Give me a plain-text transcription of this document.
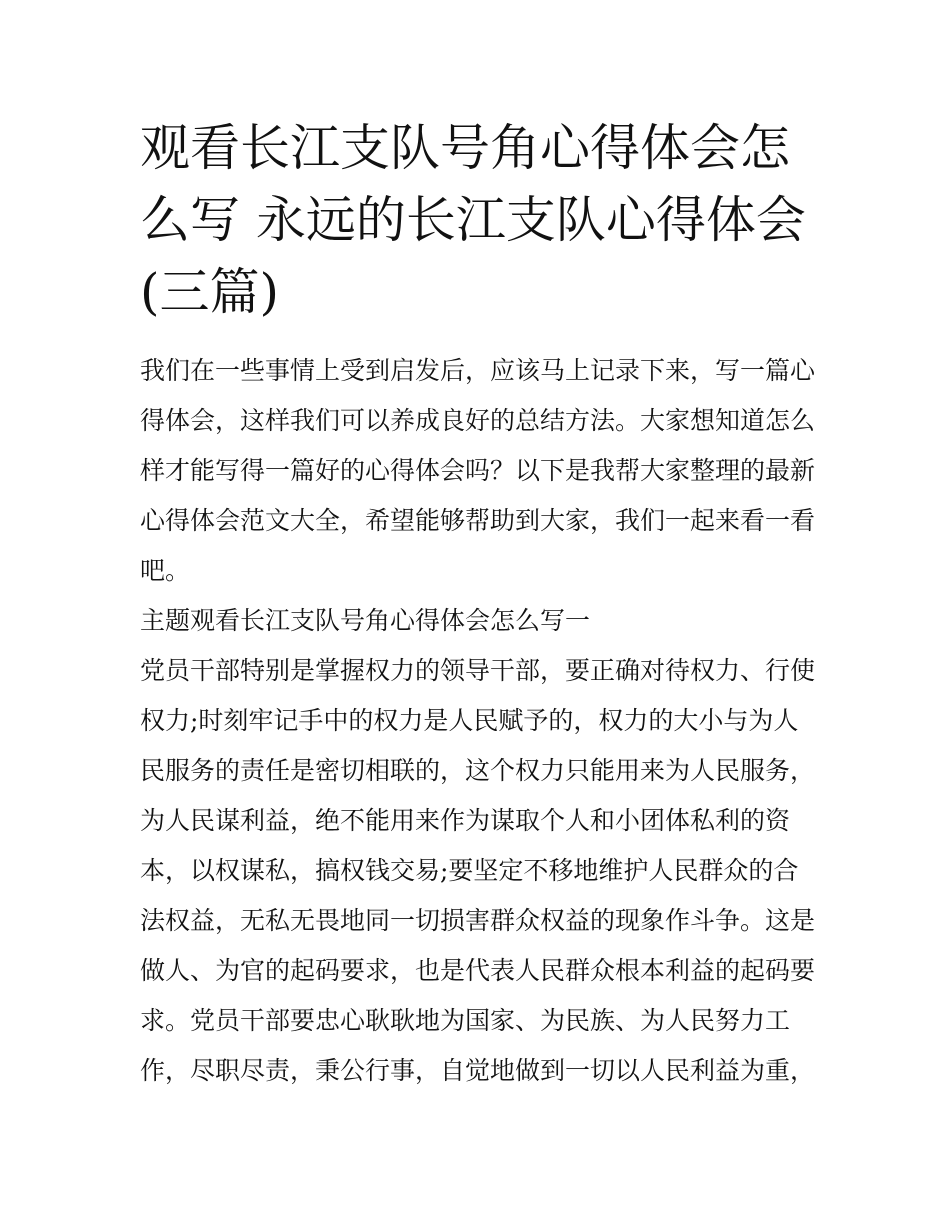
观看长江支队号角心得体会怎
么写 永远的长江支队心得体会
(三篇)
我们在一些事情上受到启发后，应该马上记录下来，写一篇心
得体会，这样我们可以养成良好的总结方法。大家想知道怎么
样才能写得一篇好的心得体会吗？以下是我帮大家整理的最新
心得体会范文大全，希望能够帮助到大家，我们一起来看一看
吧。
主题观看长江支队号角心得体会怎么写一
党员干部特别是掌握权力的领导干部，要正确对待权力、行使
权力;时刻牢记手中的权力是人民赋予的，权力的大小与为人
民服务的责任是密切相联的，这个权力只能用来为人民服务，
为人民谋利益，绝不能用来作为谋取个人和小团体私利的资
本，以权谋私，搞权钱交易;要坚定不移地维护人民群众的合
法权益，无私无畏地同一切损害群众权益的现象作斗争。这是
做人、为官的起码要求，也是代表人民群众根本利益的起码要
求。党员干部要忠心耿耿地为国家、为民族、为人民努力工
作，尽职尽责，秉公行事，自觉地做到一切以人民利益为重，
